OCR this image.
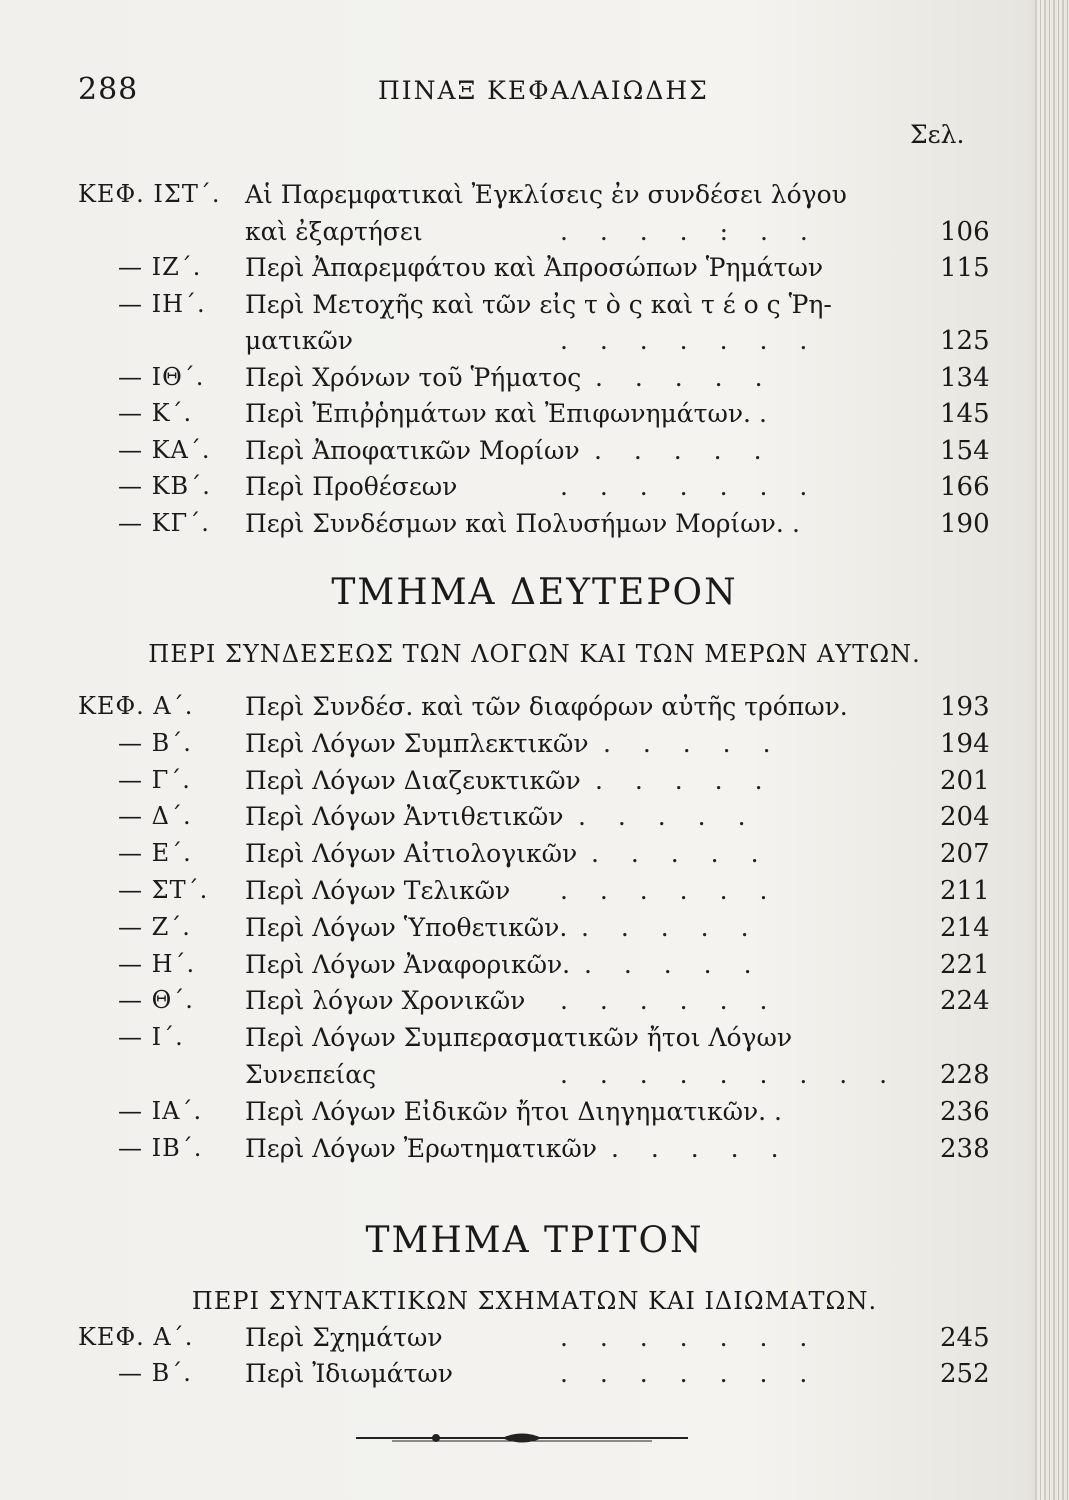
288	ΠΙΝΑΞ ΚΕΦΑΛΑΙΩΔΗΣ
Σελ.
ΚΕΦ. ΙΣΤ΄. Αἱ Παρεμφατικαὶ Ἐγκλίσεις ἐν συνδέσει λόγου
καὶ ἐξαρτήσει	. . . . : . .	106
— ΙΖ΄. Περὶ Ἀπαρεμφάτου καὶ Ἀπροσώπων Ῥημάτων	115
— ΙΗ΄. Περὶ Μετοχῆς καὶ τῶν εἰς τ ὸ ς καὶ τ έ ο ς Ῥη-
ματικῶν	. . . . . . .	125
— ΙΘ΄. Περὶ Χρόνων τοῦ Ῥήματος . . . . .	134
— Κ΄. Περὶ Ἐπιῤῥημάτων καὶ Ἐπιφωνημάτων. .	145
— ΚΑ΄. Περὶ Ἀποφατικῶν Μορίων . . . . .	154
— ΚΒ΄. Περὶ Προθέσεων	. . . . . . .	166
— ΚΓ΄. Περὶ Συνδέσμων καὶ Πολυσήμων Μορίων. .	190
ΤΜΗΜΑ ΔΕΥΤΕΡΟΝ
ΠΕΡΙ ΣΥΝΔΕΣΕΩΣ ΤΩΝ ΛΟΓΩΝ ΚΑΙ ΤΩΝ ΜΕΡΩΝ ΑΥΤΩΝ.
ΚΕΦ. Α΄. Περὶ Συνδέσ. καὶ τῶν διαφόρων αὐτῆς τρόπων.	193
— Β΄. Περὶ Λόγων Συμπλεκτικῶν . . . . .	194
— Γ΄. Περὶ Λόγων Διαζευκτικῶν . . . . .	201
— Δ΄. Περὶ Λόγων Ἀντιθετικῶν . . . . .	204
— Ε΄. Περὶ Λόγων Αἰτιολογικῶν . . . . .	207
— ΣΤ΄. Περὶ Λόγων Τελικῶν . . . . . .	211
— Ζ΄. Περὶ Λόγων Ὑποθετικῶν. . . . . .	214
— Η΄. Περὶ Λόγων Ἀναφορικῶν. . . . . .	221
— Θ΄. Περὶ λόγων Χρονικῶν . . . . . .	224
— Ι΄. Περὶ Λόγων Συμπερασματικῶν ἤτοι Λόγων
Συνεπείας	. . . . . . . . . 228
— ΙΑ΄. Περὶ Λόγων Εἰδικῶν ἤτοι Διηγηματικῶν. .	236
— ΙΒ΄. Περὶ Λόγων Ἐρωτηματικῶν . . . . .	238
ΤΜΗΜΑ ΤΡΙΤΟΝ
ΠΕΡΙ ΣΥΝΤΑΚΤΙΚΩΝ ΣΧΗΜΑΤΩΝ ΚΑΙ ΙΔΙΩΜΑΤΩΝ.
ΚΕΦ. Α΄. Περὶ Σχημάτων	. . . . . . .	245
— Β΄. Περὶ Ἰδιωμάτων	. . . . . . .	252
